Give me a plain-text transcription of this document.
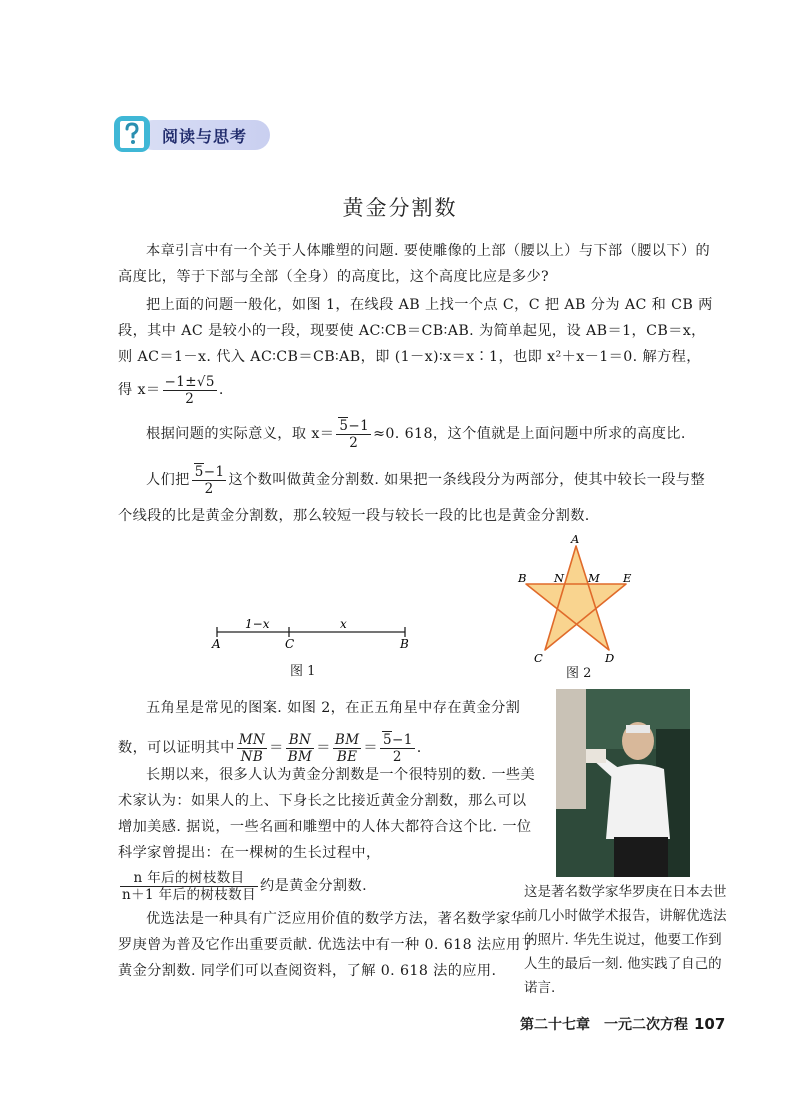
阅读与思考
黄金分割数
本章引言中有一个关于人体雕塑的问题. 要使雕像的上部（腰以上）与下部（腰以下）的高度比，等于下部与全部（全身）的高度比，这个高度比应是多少?
把上面的问题一般化，如图 1，在线段 AB 上找一个点 C，C 把 AB 分为 AC 和 CB 两段，其中 AC 是较小的一段，现要使 AC∶CB＝CB∶AB. 为简单起见，设 AB＝1，CB＝x，则 AC＝1－x. 代入 AC∶CB＝CB∶AB，即 (1－x)∶x＝x∶1，也即 x²＋x－1＝0. 解方程，
得 $x= \frac{-1\pm√5}{2}$ .
根据问题的实际意义，取 $x= \frac{5-1}{2} \approx 0$. 618，这个值就是上面问题中所求的高度比.
人们把 $\frac{5-1}{2}$ 这个数叫做黄金分割数. 如果把一条线段分为两部分，使其中较长一段与整个线段的比是黄金分割数，那么较短一段与较长一段的比也是黄金分割数.
1−x	x
A	C	B
图 1
A
B N M E
C	D
图 2
五角星是常见的图案. 如图 2，在正五角星中存在黄金分割数，可以证明其中 $\frac{MN}{NB} = \frac{BN}{BM} = \frac{BM}{BE} = \frac{5-1}{2}$ .
长期以来，很多人认为黄金分割数是一个很特别的数. 一些美术家认为：如果人的上、下身长之比接近黄金分割数，那么可以增加美感. 据说，一些名画和雕塑中的人体大都符合这个比. 一位科学家曾提出：在一棵树的生长过程中，
$\frac{\text{n 年后的树枝数目}}{\text{n＋1 年后的树枝数目}}$ 约是黄金分割数.
优选法是一种具有广泛应用价值的数学方法，著名数学家华罗庚曾为普及它作出重要贡献. 优选法中有一种 0. 618 法应用了黄金分割数. 同学们可以查阅资料，了解 0. 618 法的应用.
这是著名数学家华罗庚在日本去世前几小时做学术报告，讲解优选法的照片. 华先生说过，他要工作到人生的最后一刻. 他实践了自己的诺言.
第二十七章　一元二次方程 107
